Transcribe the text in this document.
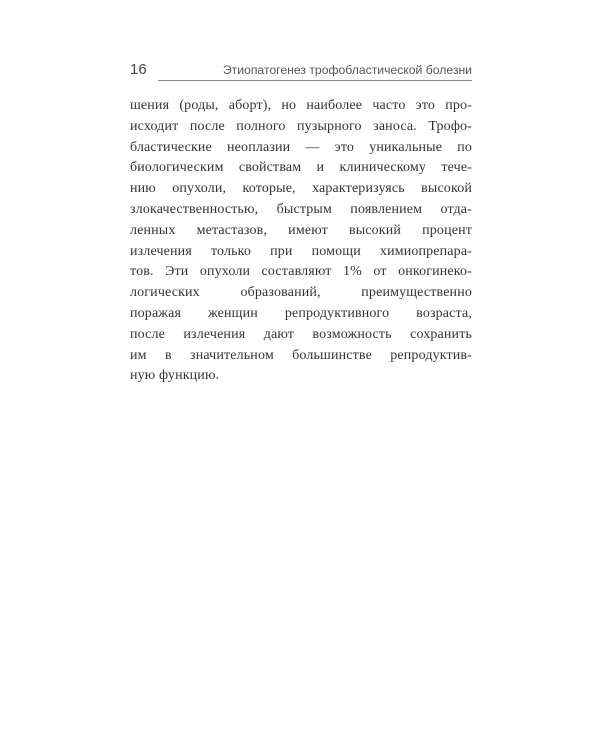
16	Этиопатогенез трофобластической болезни
шения (роды, аборт), но наиболее часто это про-
исходит после полного пузырного заноса. Трофо-
бластические неоплазии — это уникальные по
биологическим свойствам и клиническому тече-
нию опухоли, которые, характеризуясь высокой
злокачественностью, быстрым появлением отда-
ленных метастазов, имеют высокий процент
излечения только при помощи химиопрепара-
тов. Эти опухоли составляют 1% от онкогинеко-
логических образований, преимущественно
поражая женщин репродуктивного возраста,
после излечения дают возможность сохранить
им в значительном большинстве репродуктив-
ную функцию.
